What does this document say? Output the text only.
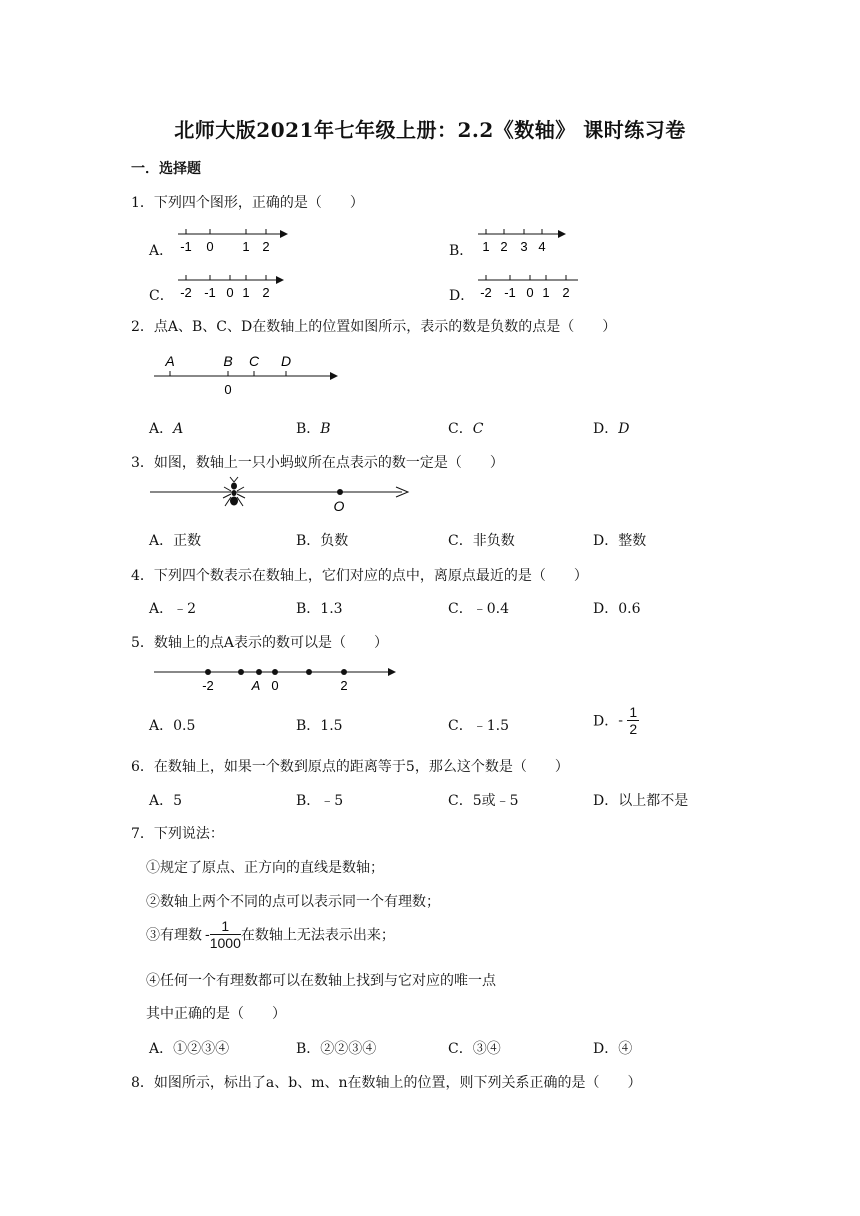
北师大版2021年七年级上册：2.2《数轴》 课时练习卷
一．选择题
1．下列四个图形，正确的是（　　）
A． -1 0 1 2	B． 1 2 3 4
C． -2 -1 0 1 2	D． -2 -1 0 1 2
2．点A、B、C、D在数轴上的位置如图所示，表示的数是负数的点是（　　）
A	B C D
0
A．A	B．B	C．C	D．D
3．如图，数轴上一只小蚂蚁所在点表示的数一定是（　　）
O
A．正数	B．负数	C．非负数	D．整数
4．下列四个数表示在数轴上，它们对应的点中，离原点最近的是（　　）
A．﹣2	B．1.3	C．﹣0.4	D．0.6
5．数轴上的点A表示的数可以是（　　）
-2	A 0	2
A．0.5	B．1.5	C．﹣1.5	D．- $\frac{1}{2}$
6．在数轴上，如果一个数到原点的距离等于5，那么这个数是（　　）
A．5	B．﹣5	C．5或﹣5	D．以上都不是
7．下列说法：
①规定了原点、正方向的直线是数轴；
②数轴上两个不同的点可以表示同一个有理数；
③有理数 - $\frac{1}{1000}$ 在数轴上无法表示出来；
④任何一个有理数都可以在数轴上找到与它对应的唯一点
其中正确的是（　　）
A．①②③④	B．②②③④	C．③④	D．④
8．如图所示，标出了a、b、m、n在数轴上的位置，则下列关系正确的是（　　）
